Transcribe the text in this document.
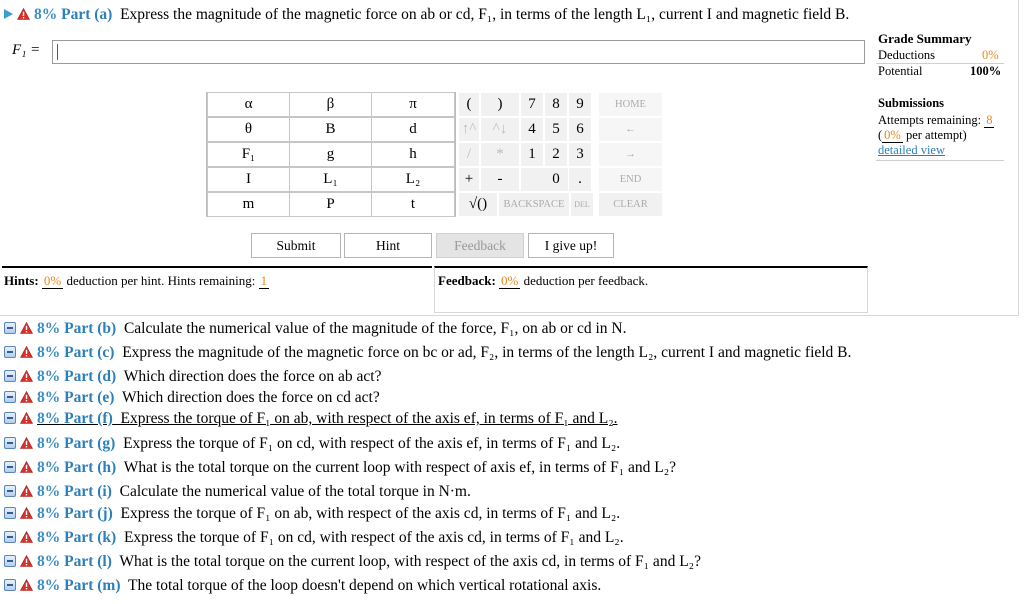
8% Part (a) Express the magnitude of the magnetic force on ab or cd, F₁, in terms of the length L₁, current I and magnetic field B.
F₁ =
α	β	π
θ	B	d
F₁	g	h
I	L₁	L₂
m	P	t
(	)	7	8	9	HOME
↑^	^↓	4	5	6	←
/	*	1	2	3	→
+	-	0	.	END
√()	BACKSPACE	DEL	CLEAR
Submit	Hint	Feedback	I give up!
Hints: 0% deduction per hint. Hints remaining: 1	Feedback: 0% deduction per feedback.
Grade Summary
Deductions	0%
Potential	100%
Submissions
Attempts remaining: 8
( 0% per attempt)
detailed view
8% Part (b) Calculate the numerical value of the magnitude of the force, F₁, on ab or cd in N.
8% Part (c) Express the magnitude of the magnetic force on bc or ad, F₂, in terms of the length L₂, current I and magnetic field B.
8% Part (d) Which direction does the force on ab act?
8% Part (e) Which direction does the force on cd act?
8% Part (f) Express the torque of F₁ on ab, with respect of the axis ef, in terms of F₁ and L₂.
8% Part (g) Express the torque of F₁ on cd, with respect of the axis ef, in terms of F₁ and L₂.
8% Part (h) What is the total torque on the current loop with respect of axis ef, in terms of F₁ and L₂?
8% Part (i) Calculate the numerical value of the total torque in N·m.
8% Part (j) Express the torque of F₁ on ab, with respect of the axis cd, in terms of F₁ and L₂.
8% Part (k) Express the torque of F₁ on cd, with respect of the axis cd, in terms of F₁ and L₂.
8% Part (l) What is the total torque on the current loop, with respect of the axis cd, in terms of F₁ and L₂?
8% Part (m) The total torque of the loop doesn't depend on which vertical rotational axis.
